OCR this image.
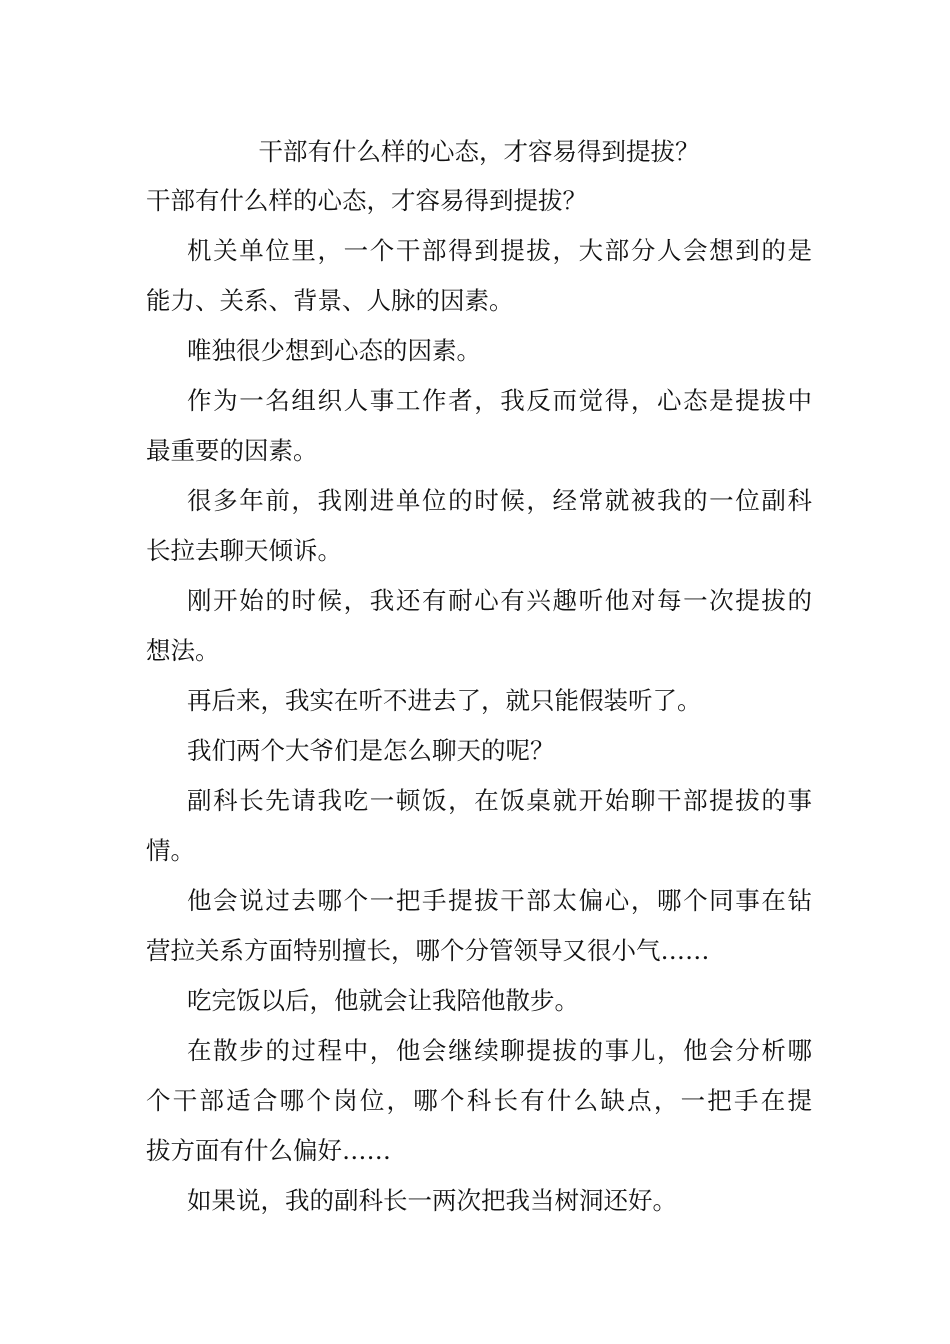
干部有什么样的心态，才容易得到提拔？

干部有什么样的心态，才容易得到提拔？

机关单位里，一个干部得到提拔，大部分人会想到的是

能力、关系、背景、人脉的因素。

唯独很少想到心态的因素。

作为一名组织人事工作者，我反而觉得，心态是提拔中

最重要的因素。

很多年前，我刚进单位的时候，经常就被我的一位副科

长拉去聊天倾诉。

刚开始的时候，我还有耐心有兴趣听他对每一次提拔的

想法。

再后来，我实在听不进去了，就只能假装听了。

我们两个大爷们是怎么聊天的呢？

副科长先请我吃一顿饭，在饭桌就开始聊干部提拔的事

情。

他会说过去哪个一把手提拔干部太偏心，哪个同事在钻

营拉关系方面特别擅长，哪个分管领导又很小气……

吃完饭以后，他就会让我陪他散步。

在散步的过程中，他会继续聊提拔的事儿，他会分析哪

个干部适合哪个岗位，哪个科长有什么缺点，一把手在提

拔方面有什么偏好……

如果说，我的副科长一两次把我当树洞还好。
